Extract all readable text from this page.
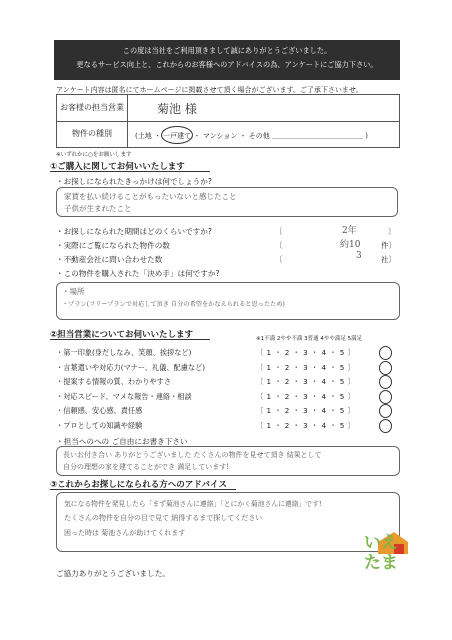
この度は当社をご利用頂きまして誠にありがとうございました。
更なるサービス向上と、これからのお客様へのアドバイスの為、アンケートにご協力下さい。
アンケート内容は匿名にてホームページに掲載させて頂く場合がございます。ご了承下さいませ。
お客様の担当営業	菊池 様
物件の種別	(土地 ・ 一戸建て ・ マンション ・ その他 ＿＿＿＿＿＿＿＿＿＿＿＿＿ )
※いずれかに○をお願いします
①ご購入に関してお伺いいたします
・お探しになられたきっかけは何でしょうか?
家賃を払い続けることがもったいないと感じたこと
子供が生まれたこと
・お探しになられた期間はどのくらいですか?	〔	2年	〕
・実際にご覧になられた物件の数	〔	約10	件〕
・不動産会社に問い合わせた数	〔	3	社〕
・この物件を購入された「決め手」は何ですか?
・場所
・プラン(フリープランで対応して頂き 自分の希望をかなえられると思ったため)
②担当営業についてお伺いいたします	※1不満 2やや不満 3普通 4やや満足 5満足
・第一印象(身だしなみ、笑顔、挨拶など)	〔 1 ・ 2 ・ 3 ・ 4 ・ 5 〕
・言葉遣いや対応力(マナー、礼儀、配慮など)	〔 1 ・ 2 ・ 3 ・ 4 ・ 5 〕
・提案する情報の質、わかりやすさ	〔 1 ・ 2 ・ 3 ・ 4 ・ 5 〕
・対応スピード、マメな報告・連絡・相談	〔 1 ・ 2 ・ 3 ・ 4 ・ 5 〕
・信頼感、安心感、責任感	〔 1 ・ 2 ・ 3 ・ 4 ・ 5 〕
・プロとしての知識や経験	〔 1 ・ 2 ・ 3 ・ 4 ・ 5 〕
・担当へのへの ご自由にお書き下さい
長いお付き合い ありがとうございました たくさんの物件を見せて頂き 結果として
自分の理想の家を建てることができ 満足しています!
③これからお探しになられる方へのアドバイス
気になる物件を発見したら「まず菊池さんに連絡」「とにかく菊池さんに連絡」です!
たくさんの物件を自分の目で見て 納得するまで探してください
困った時は 菊池さんが助けてくれます	いえ
たま
ご協力ありがとうございました。
